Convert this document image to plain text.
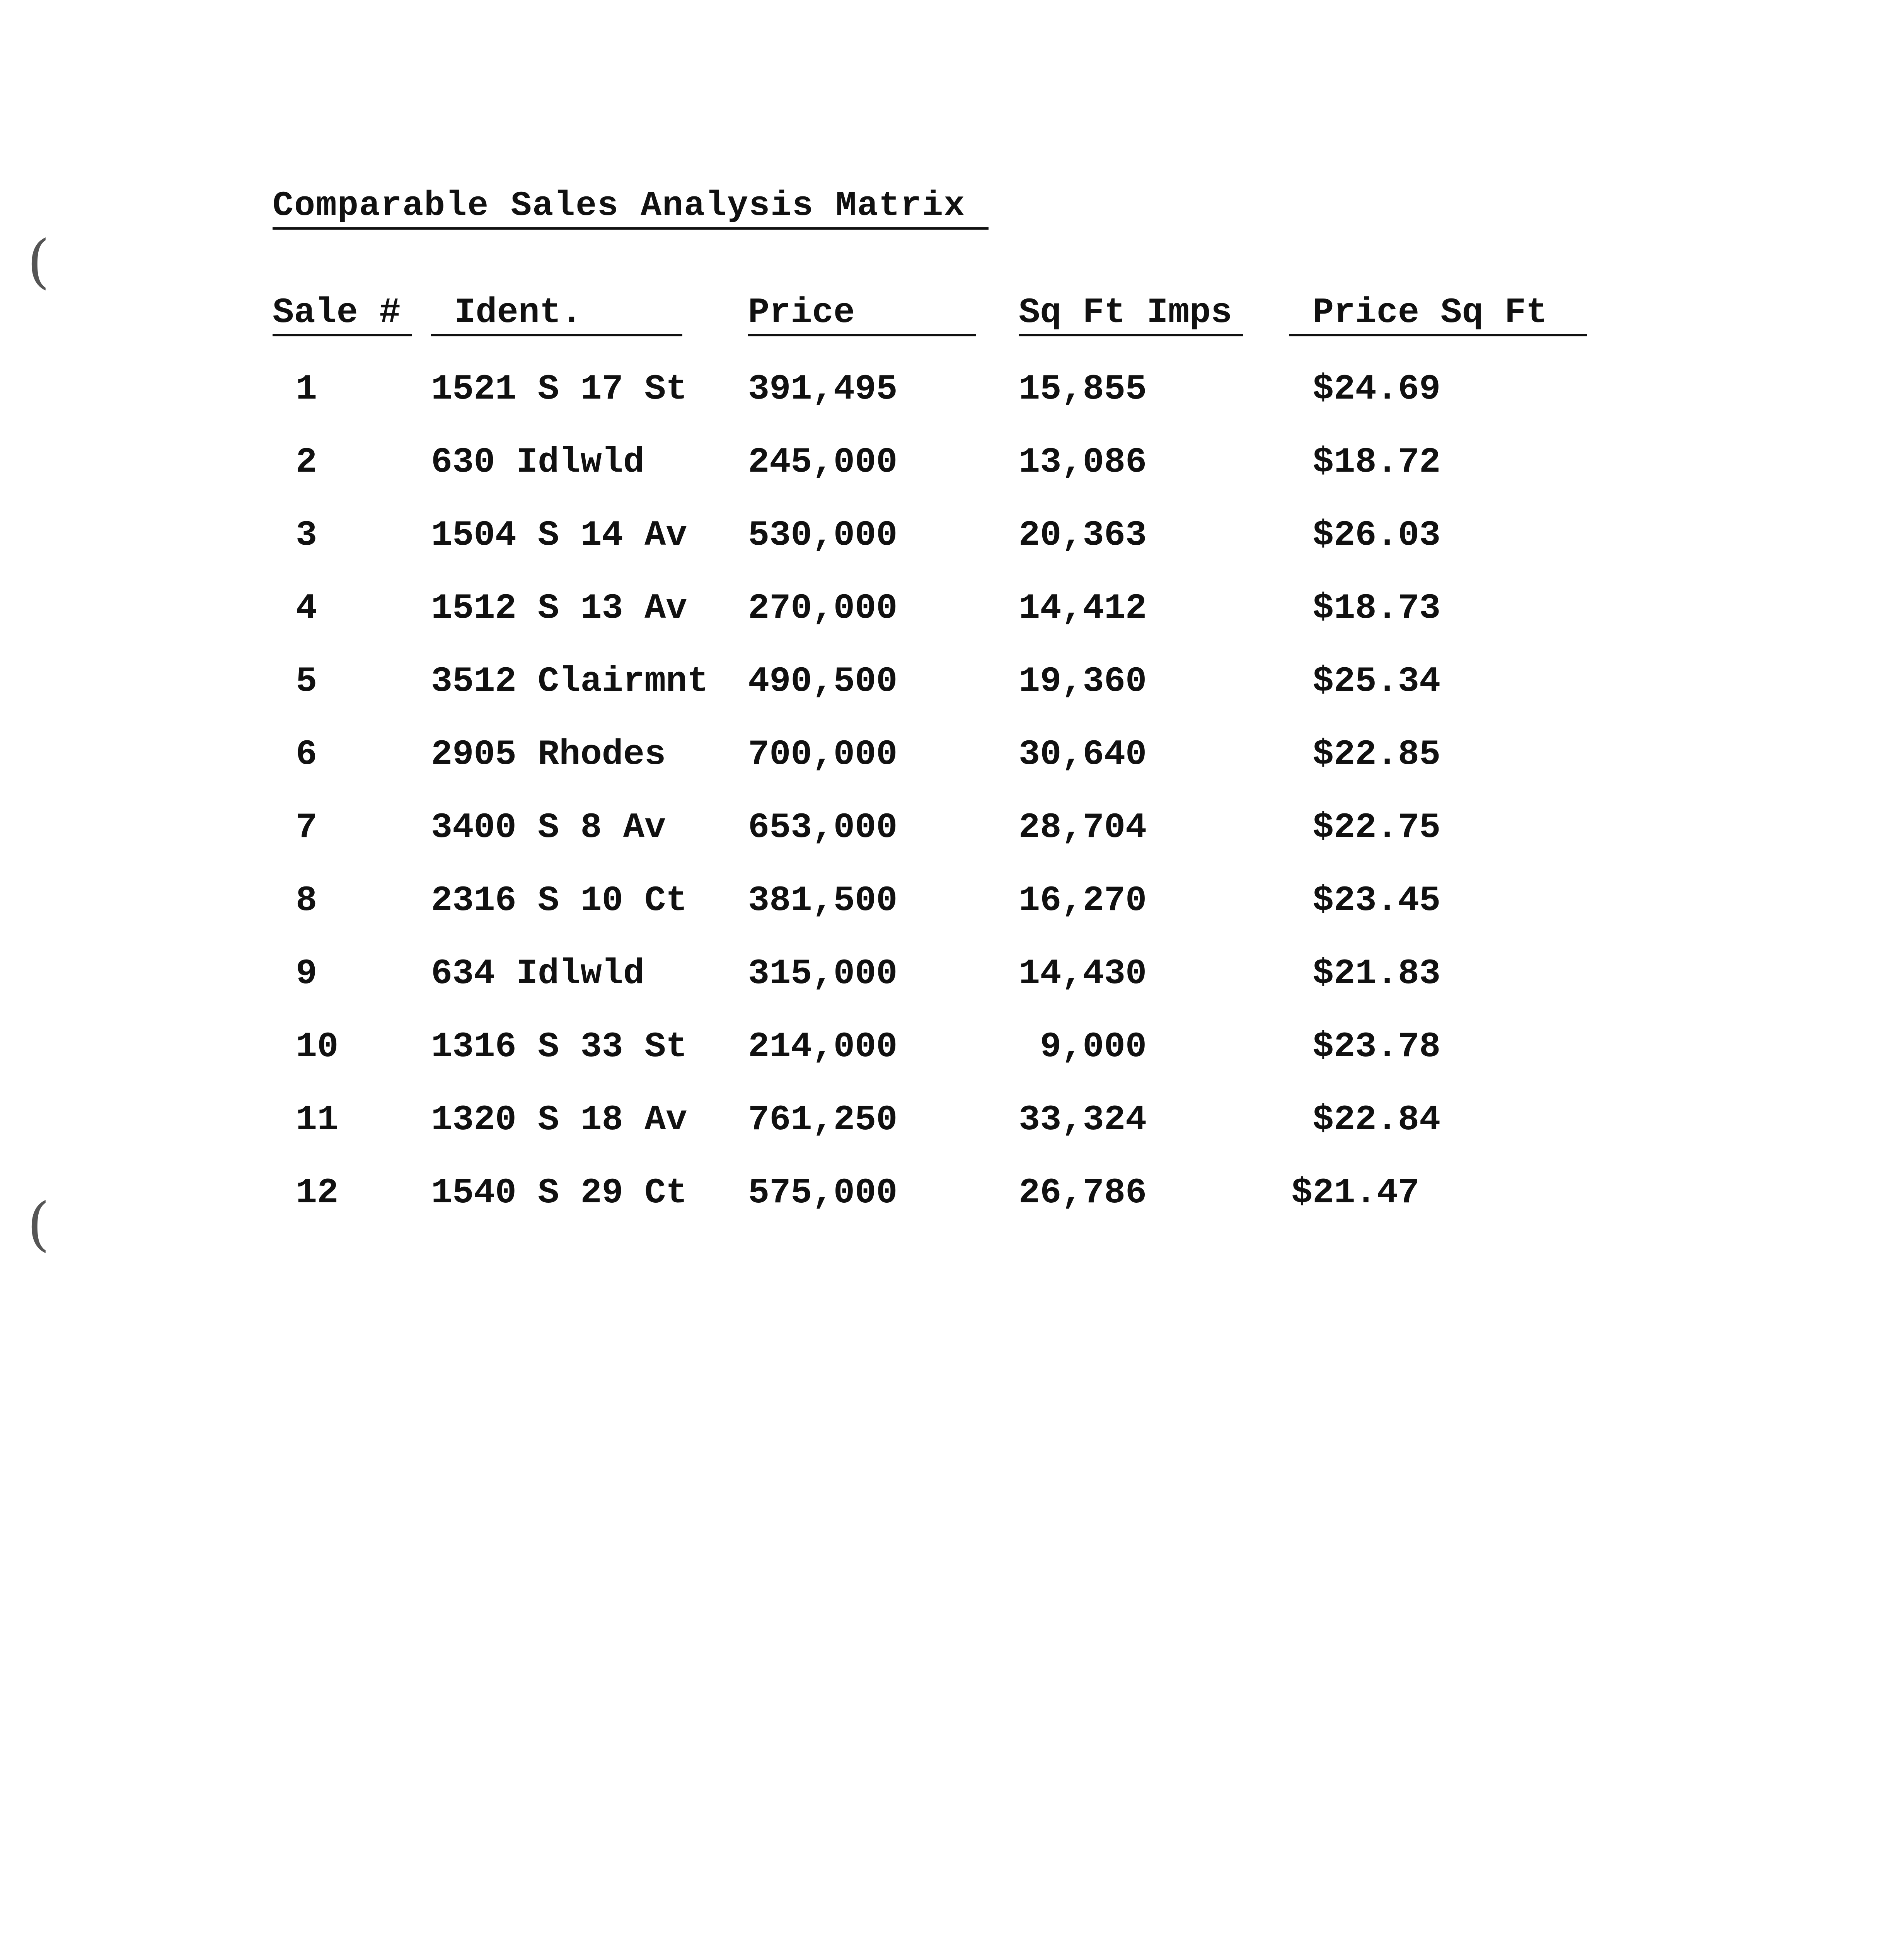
Comparable Sales Analysis Matrix
Sale #	Ident.	Price	Sq Ft Imps	Price Sq Ft
1	1521 S 17 St	391,495	15,855	$24.69
2	630 Idlwld	245,000	13,086	$18.72
3	1504 S 14 Av	530,000	20,363	$26.03
4	1512 S 13 Av	270,000	14,412	$18.73
5	3512 Clairmnt	490,500	19,360	$25.34
6	2905 Rhodes	700,000	30,640	$22.85
7	3400 S 8 Av	653,000	28,704	$22.75
8	2316 S 10 Ct	381,500	16,270	$23.45
9	634 Idlwld	315,000	14,430	$21.83
10	1316 S 33 St	214,000	9,000	$23.78
11	1320 S 18 Av	761,250	33,324	$22.84
12	1540 S 29 Ct	575,000	26,786	$21.47
(
(
